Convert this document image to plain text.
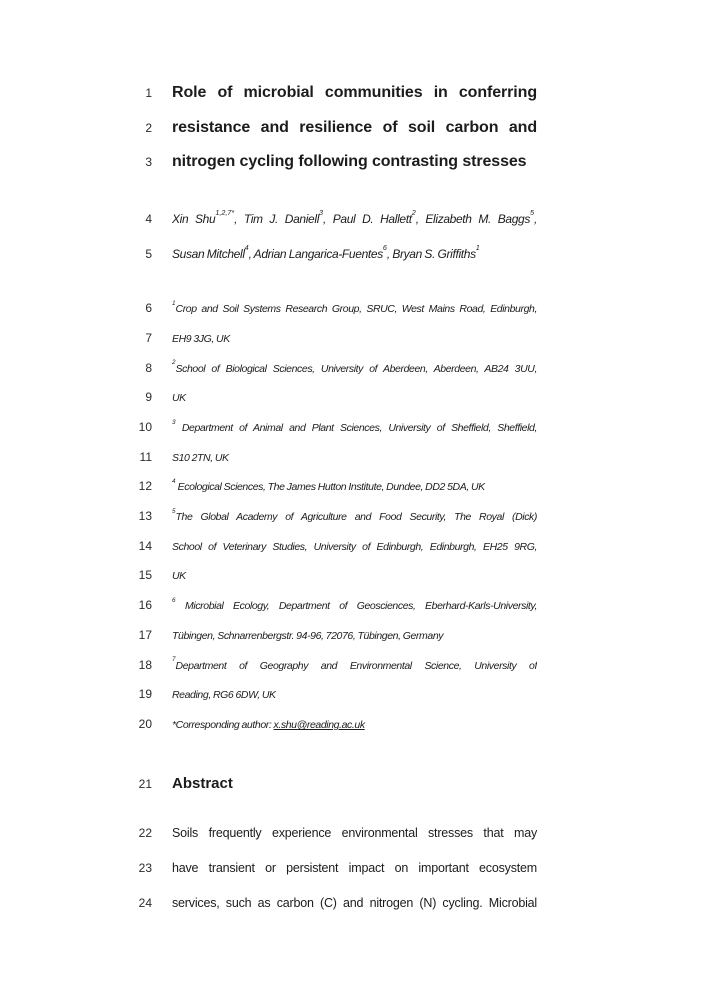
1 Role of microbial communities in conferring
2 resistance and resilience of soil carbon and
3 nitrogen cycling following contrasting stresses
4 Xin Shu$^{1,2,7*}$, Tim J. Daniell$^3$, Paul D. Hallett$^2$, Elizabeth M. Baggs$^5$,
5 Susan Mitchell$^4$, Adrian Langarica-Fuentes$^6$, Bryan S. Griffiths$^1$
6	$^1$Crop and Soil Systems Research Group, SRUC, West Mains Road, Edinburgh,
7 EH9 3JG, UK
8	$^2$School of Biological Sciences, University of Aberdeen, Aberdeen, AB24 3UU,
9 UK
10	$^3$ Department of Animal and Plant Sciences, University of Sheffield, Sheffield,
11 S10 2TN, UK
12	$^4$ Ecological Sciences, The James Hutton Institute, Dundee, DD2 5DA, UK
13	$^5$The Global Academy of Agriculture and Food Security, The Royal (Dick)
14 School of Veterinary Studies, University of Edinburgh, Edinburgh, EH25 9RG,
15 UK
16	$^6$ Microbial Ecology, Department of Geosciences, Eberhard-Karls-University,
17 Tübingen, Schnarrenbergstr. 94-96, 72076, Tübingen, Germany
18	$^7$Department of Geography and Environmental Science, University of
19 Reading, RG6 6DW, UK
20 *Corresponding author: x.shu@reading.ac.uk
21 Abstract
22 Soils frequently experience environmental stresses that may
23 have transient or persistent impact on important ecosystem
24 services, such as carbon (C) and nitrogen (N) cycling. Microbial
